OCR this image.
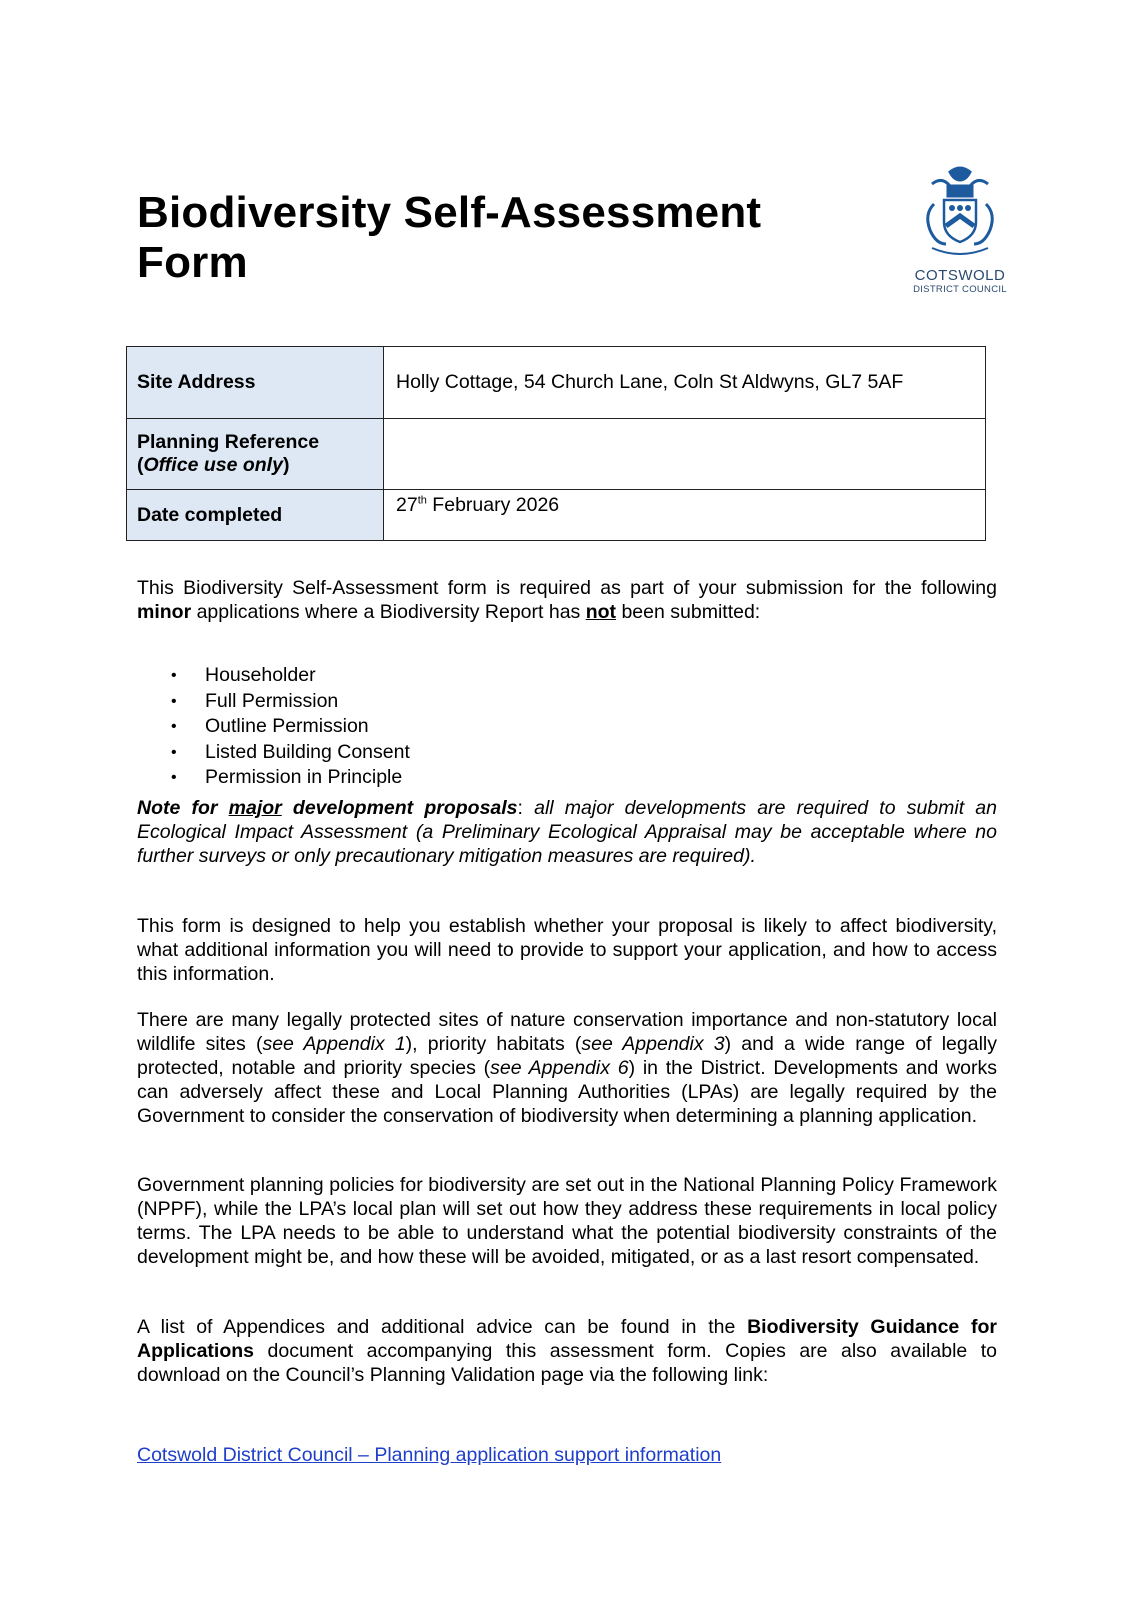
Biodiversity Self-Assessment
Form	COTSWOLD
DISTRICT COUNCIL
Site Address	Holly Cottage, 54 Church Lane, Coln St Aldwyns, GL7 5AF
Planning Reference
(Office use only)	
Date completed	27th February 2026

This Biodiversity Self-Assessment form is required as part of your submission for the following minor applications where a Biodiversity Report has not been submitted:

• Householder
• Full Permission
• Outline Permission
• Listed Building Consent
• Permission in Principle

Note for major development proposals: all major developments are required to submit an Ecological Impact Assessment (a Preliminary Ecological Appraisal may be acceptable where no further surveys or only precautionary mitigation measures are required).

This form is designed to help you establish whether your proposal is likely to affect biodiversity, what additional information you will need to provide to support your application, and how to access this information.

There are many legally protected sites of nature conservation importance and non-statutory local wildlife sites (see Appendix 1), priority habitats (see Appendix 3) and a wide range of legally protected, notable and priority species (see Appendix 6) in the District. Developments and works can adversely affect these and Local Planning Authorities (LPAs) are legally required by the Government to consider the conservation of biodiversity when determining a planning application.

Government planning policies for biodiversity are set out in the National Planning Policy Framework (NPPF), while the LPA’s local plan will set out how they address these requirements in local policy terms. The LPA needs to be able to understand what the potential biodiversity constraints of the development might be, and how these will be avoided, mitigated, or as a last resort compensated.

A list of Appendices and additional advice can be found in the Biodiversity Guidance for Applications document accompanying this assessment form. Copies are also available to download on the Council’s Planning Validation page via the following link:

Cotswold District Council – Planning application support information
